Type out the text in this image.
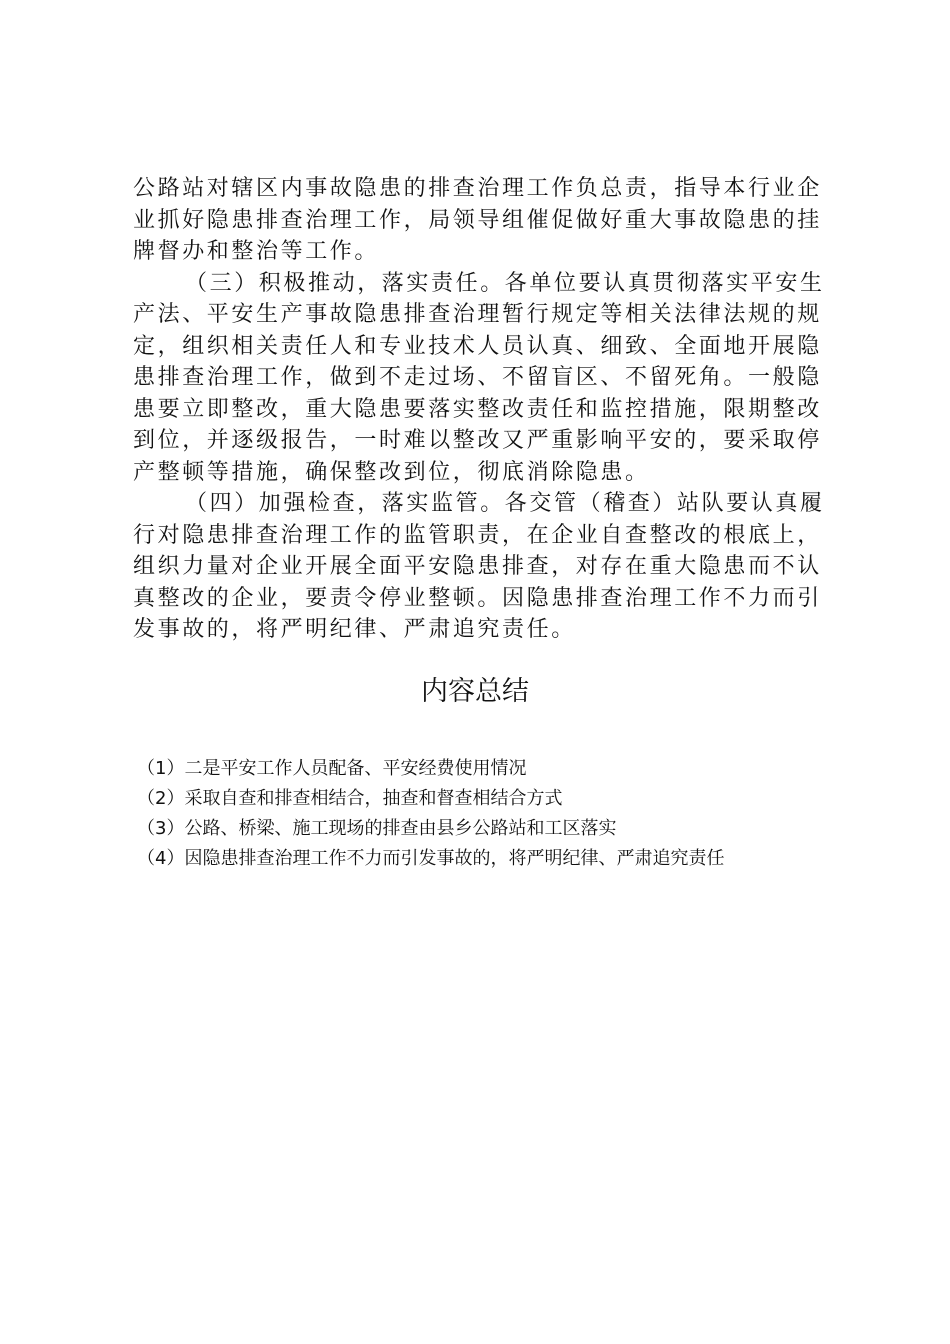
公路站对辖区内事故隐患的排查治理工作负总责，指导本行业企业抓好隐患排查治理工作，局领导组催促做好重大事故隐患的挂牌督办和整治等工作。

（三）积极推动，落实责任。各单位要认真贯彻落实平安生产法、平安生产事故隐患排查治理暂行规定等相关法律法规的规定，组织相关责任人和专业技术人员认真、细致、全面地开展隐患排查治理工作，做到不走过场、不留盲区、不留死角。一般隐患要立即整改，重大隐患要落实整改责任和监控措施，限期整改到位，并逐级报告，一时难以整改又严重影响平安的，要采取停产整顿等措施，确保整改到位，彻底消除隐患。

（四）加强检查，落实监管。各交管（稽查）站队要认真履行对隐患排查治理工作的监管职责，在企业自查整改的根底上，组织力量对企业开展全面平安隐患排查，对存在重大隐患而不认真整改的企业，要责令停业整顿。因隐患排查治理工作不力而引发事故的，将严明纪律、严肃追究责任。

内容总结
（1）二是平安工作人员配备、平安经费使用情况
（2）采取自查和排查相结合，抽查和督查相结合方式
（3）公路、桥梁、施工现场的排查由县乡公路站和工区落实
（4）因隐患排查治理工作不力而引发事故的，将严明纪律、严肃追究责任
